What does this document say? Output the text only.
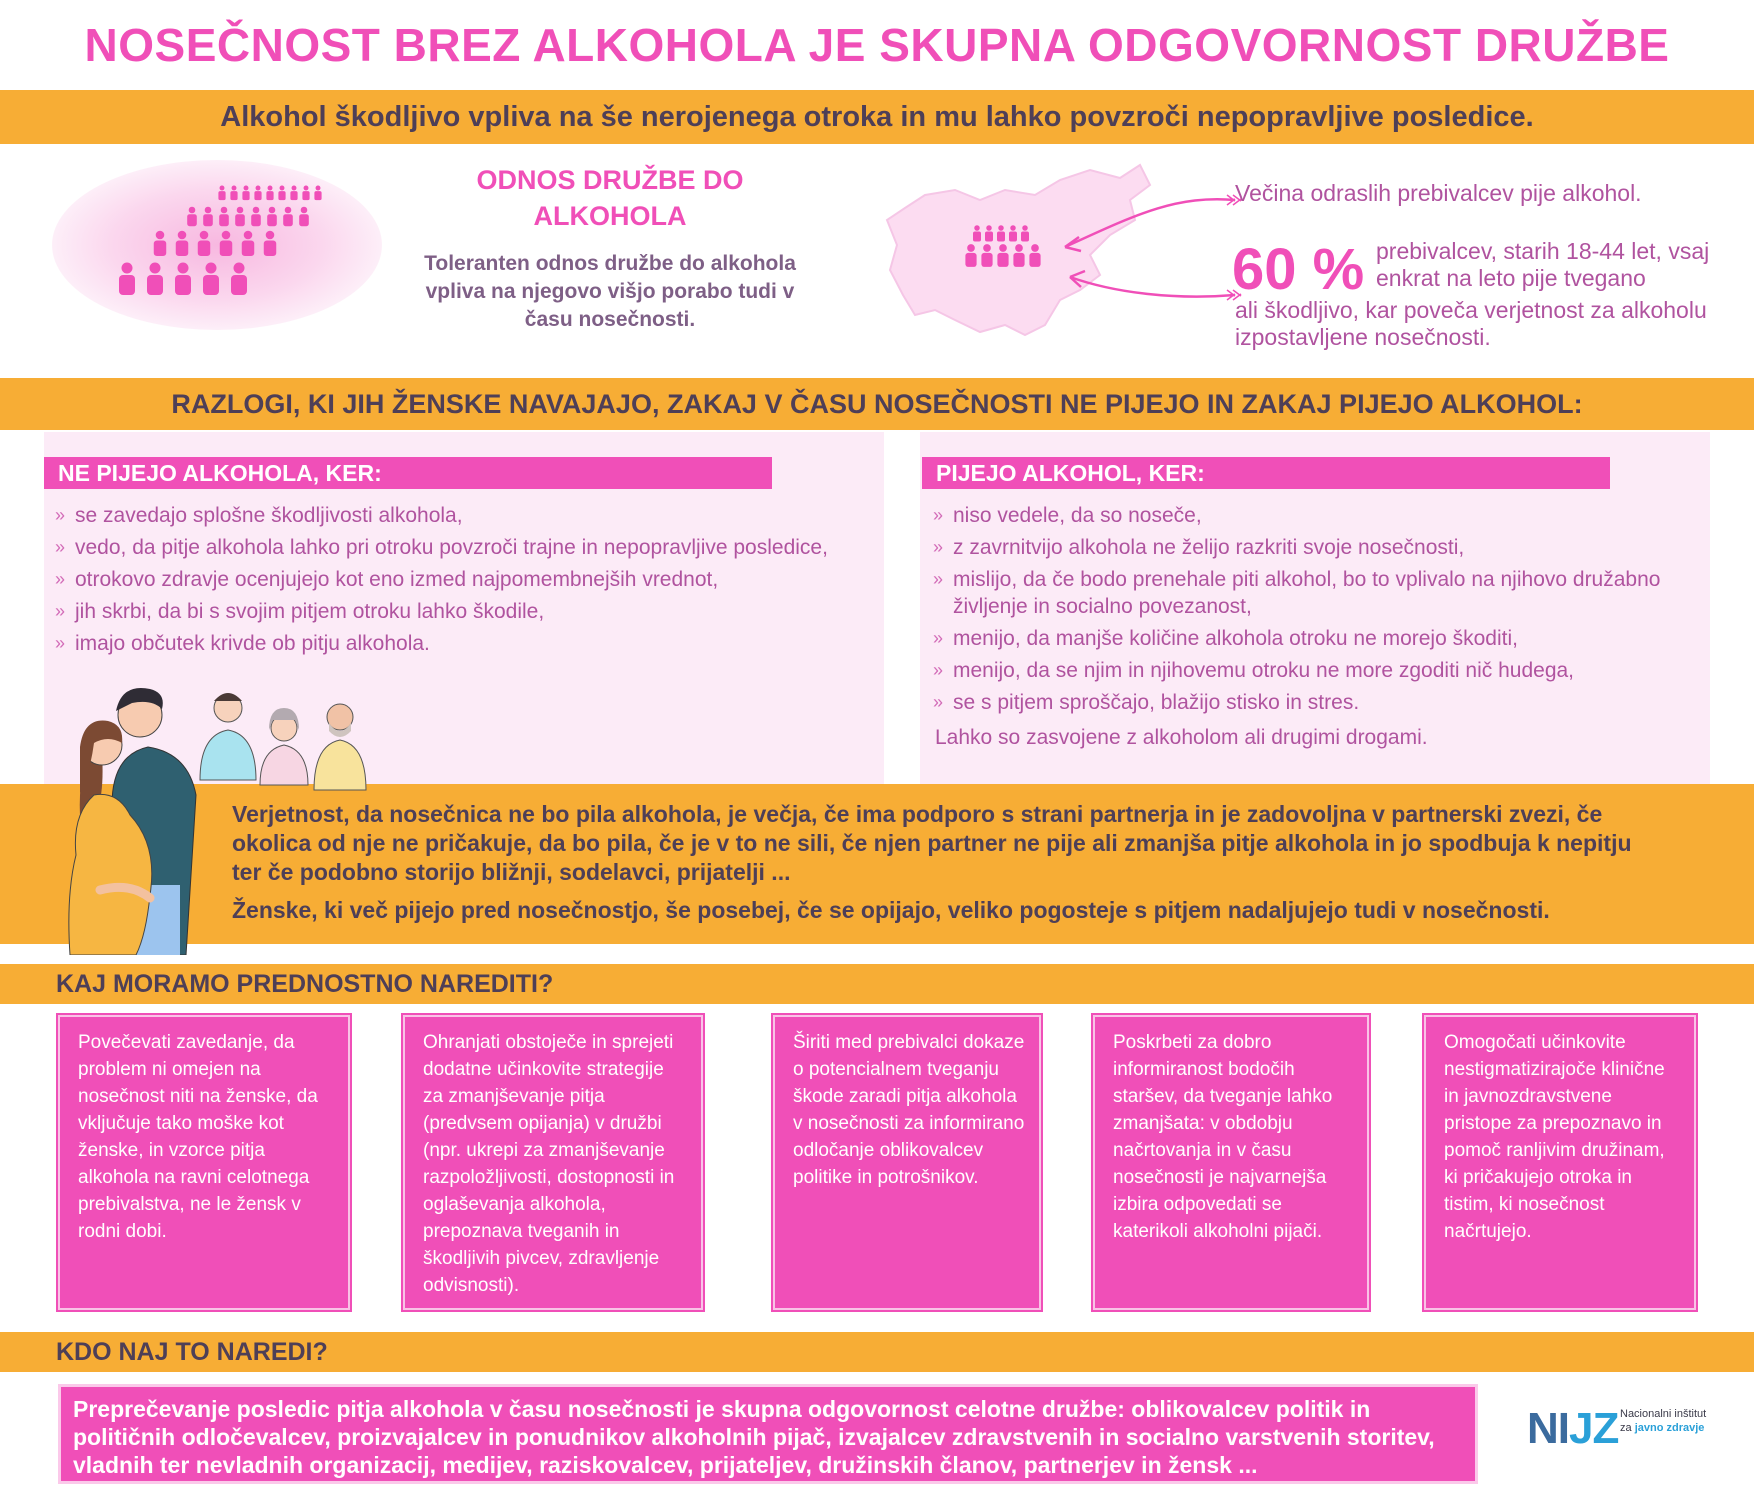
NOSEČNOST BREZ ALKOHOLA JE SKUPNA ODGOVORNOST DRUŽBE
Alkohol škodljivo vpliva na še nerojenega otroka in mu lahko povzroči nepopravljive posledice.
ODNOS DRUŽBE DO ALKOHOLA
Toleranten odnos družbe do alkohola vpliva na njegovo višjo porabo tudi v času nosečnosti.
Večina odraslih prebivalcev pije alkohol.
60 % prebivalcev, starih 18-44 let, vsaj enkrat na leto pije tvegano
ali škodljivo, kar poveča verjetnost za alkoholu izpostavljene nosečnosti.
RAZLOGI, KI JIH ŽENSKE NAVAJAJO, ZAKAJ V ČASU NOSEČNOSTI NE PIJEJO IN ZAKAJ PIJEJO ALKOHOL:
NE PIJEJO ALKOHOLA, KER:	PIJEJO ALKOHOL, KER:
» se zavedajo splošne škodljivosti alkohola,
» vedo, da pitje alkohola lahko pri otroku povzroči trajne in nepopravljive posledice,
» otrokovo zdravje ocenjujejo kot eno izmed najpomembnejših vrednot,
» jih skrbi, da bi s svojim pitjem otroku lahko škodile,
» imajo občutek krivde ob pitju alkohola.
» niso vedele, da so noseče,
» z zavrnitvijo alkohola ne želijo razkriti svoje nosečnosti,
» mislijo, da če bodo prenehale piti alkohol, bo to vplivalo na njihovo družabno življenje in socialno povezanost,
» menijo, da manjše količine alkohola otroku ne morejo škoditi,
» menijo, da se njim in njihovemu otroku ne more zgoditi nič hudega,
» se s pitjem sproščajo, blažijo stisko in stres.
Lahko so zasvojene z alkoholom ali drugimi drogami.
Verjetnost, da nosečnica ne bo pila alkohola, je večja, če ima podporo s strani partnerja in je zadovoljna v partnerski zvezi, če okolica od nje ne pričakuje, da bo pila, če je v to ne sili, če njen partner ne pije ali zmanjša pitje alkohola in jo spodbuja k nepitju ter če podobno storijo bližnji, sodelavci, prijatelji ...
Ženske, ki več pijejo pred nosečnostjo, še posebej, če se opijajo, veliko pogosteje s pitjem nadaljujejo tudi v nosečnosti.
KAJ MORAMO PREDNOSTNO NAREDITI?
Povečevati zavedanje, da problem ni omejen na nosečnost niti na ženske, da vključuje tako moške kot ženske, in vzorce pitja alkohola na ravni celotnega prebivalstva, ne le žensk v rodni dobi.
Ohranjati obstoječe in sprejeti dodatne učinkovite strategije za zmanjševanje pitja (predvsem opijanja) v družbi (npr. ukrepi za zmanjševanje razpoložljivosti, dostopnosti in oglaševanja alkohola, prepoznava tveganih in škodljivih pivcev, zdravljenje odvisnosti).
Širiti med prebivalci dokaze o potencialnem tveganju škode zaradi pitja alkohola v nosečnosti za informirano odločanje oblikovalcev politike in potrošnikov.
Poskrbeti za dobro informiranost bodočih staršev, da tveganje lahko zmanjšata: v obdobju načrtovanja in v času nosečnosti je najvarnejša izbira odpovedati se katerikoli alkoholni pijači.
Omogočati učinkovite nestigmatizirajoče klinične in javnozdravstvene pristope za prepoznavo in pomoč ranljivim družinam, ki pričakujejo otroka in tistim, ki nosečnost načrtujejo.
KDO NAJ TO NAREDI?
Preprečevanje posledic pitja alkohola v času nosečnosti je skupna odgovornost celotne družbe: oblikovalcev politik in političnih odločevalcev, proizvajalcev in ponudnikov alkoholnih pijač, izvajalcev zdravstvenih in socialno varstvenih storitev, vladnih ter nevladnih organizacij, medijev, raziskovalcev, prijateljev, družinskih članov, partnerjev in žensk ...
NIJZ Nacionalni inštitut
za javno zdravje
